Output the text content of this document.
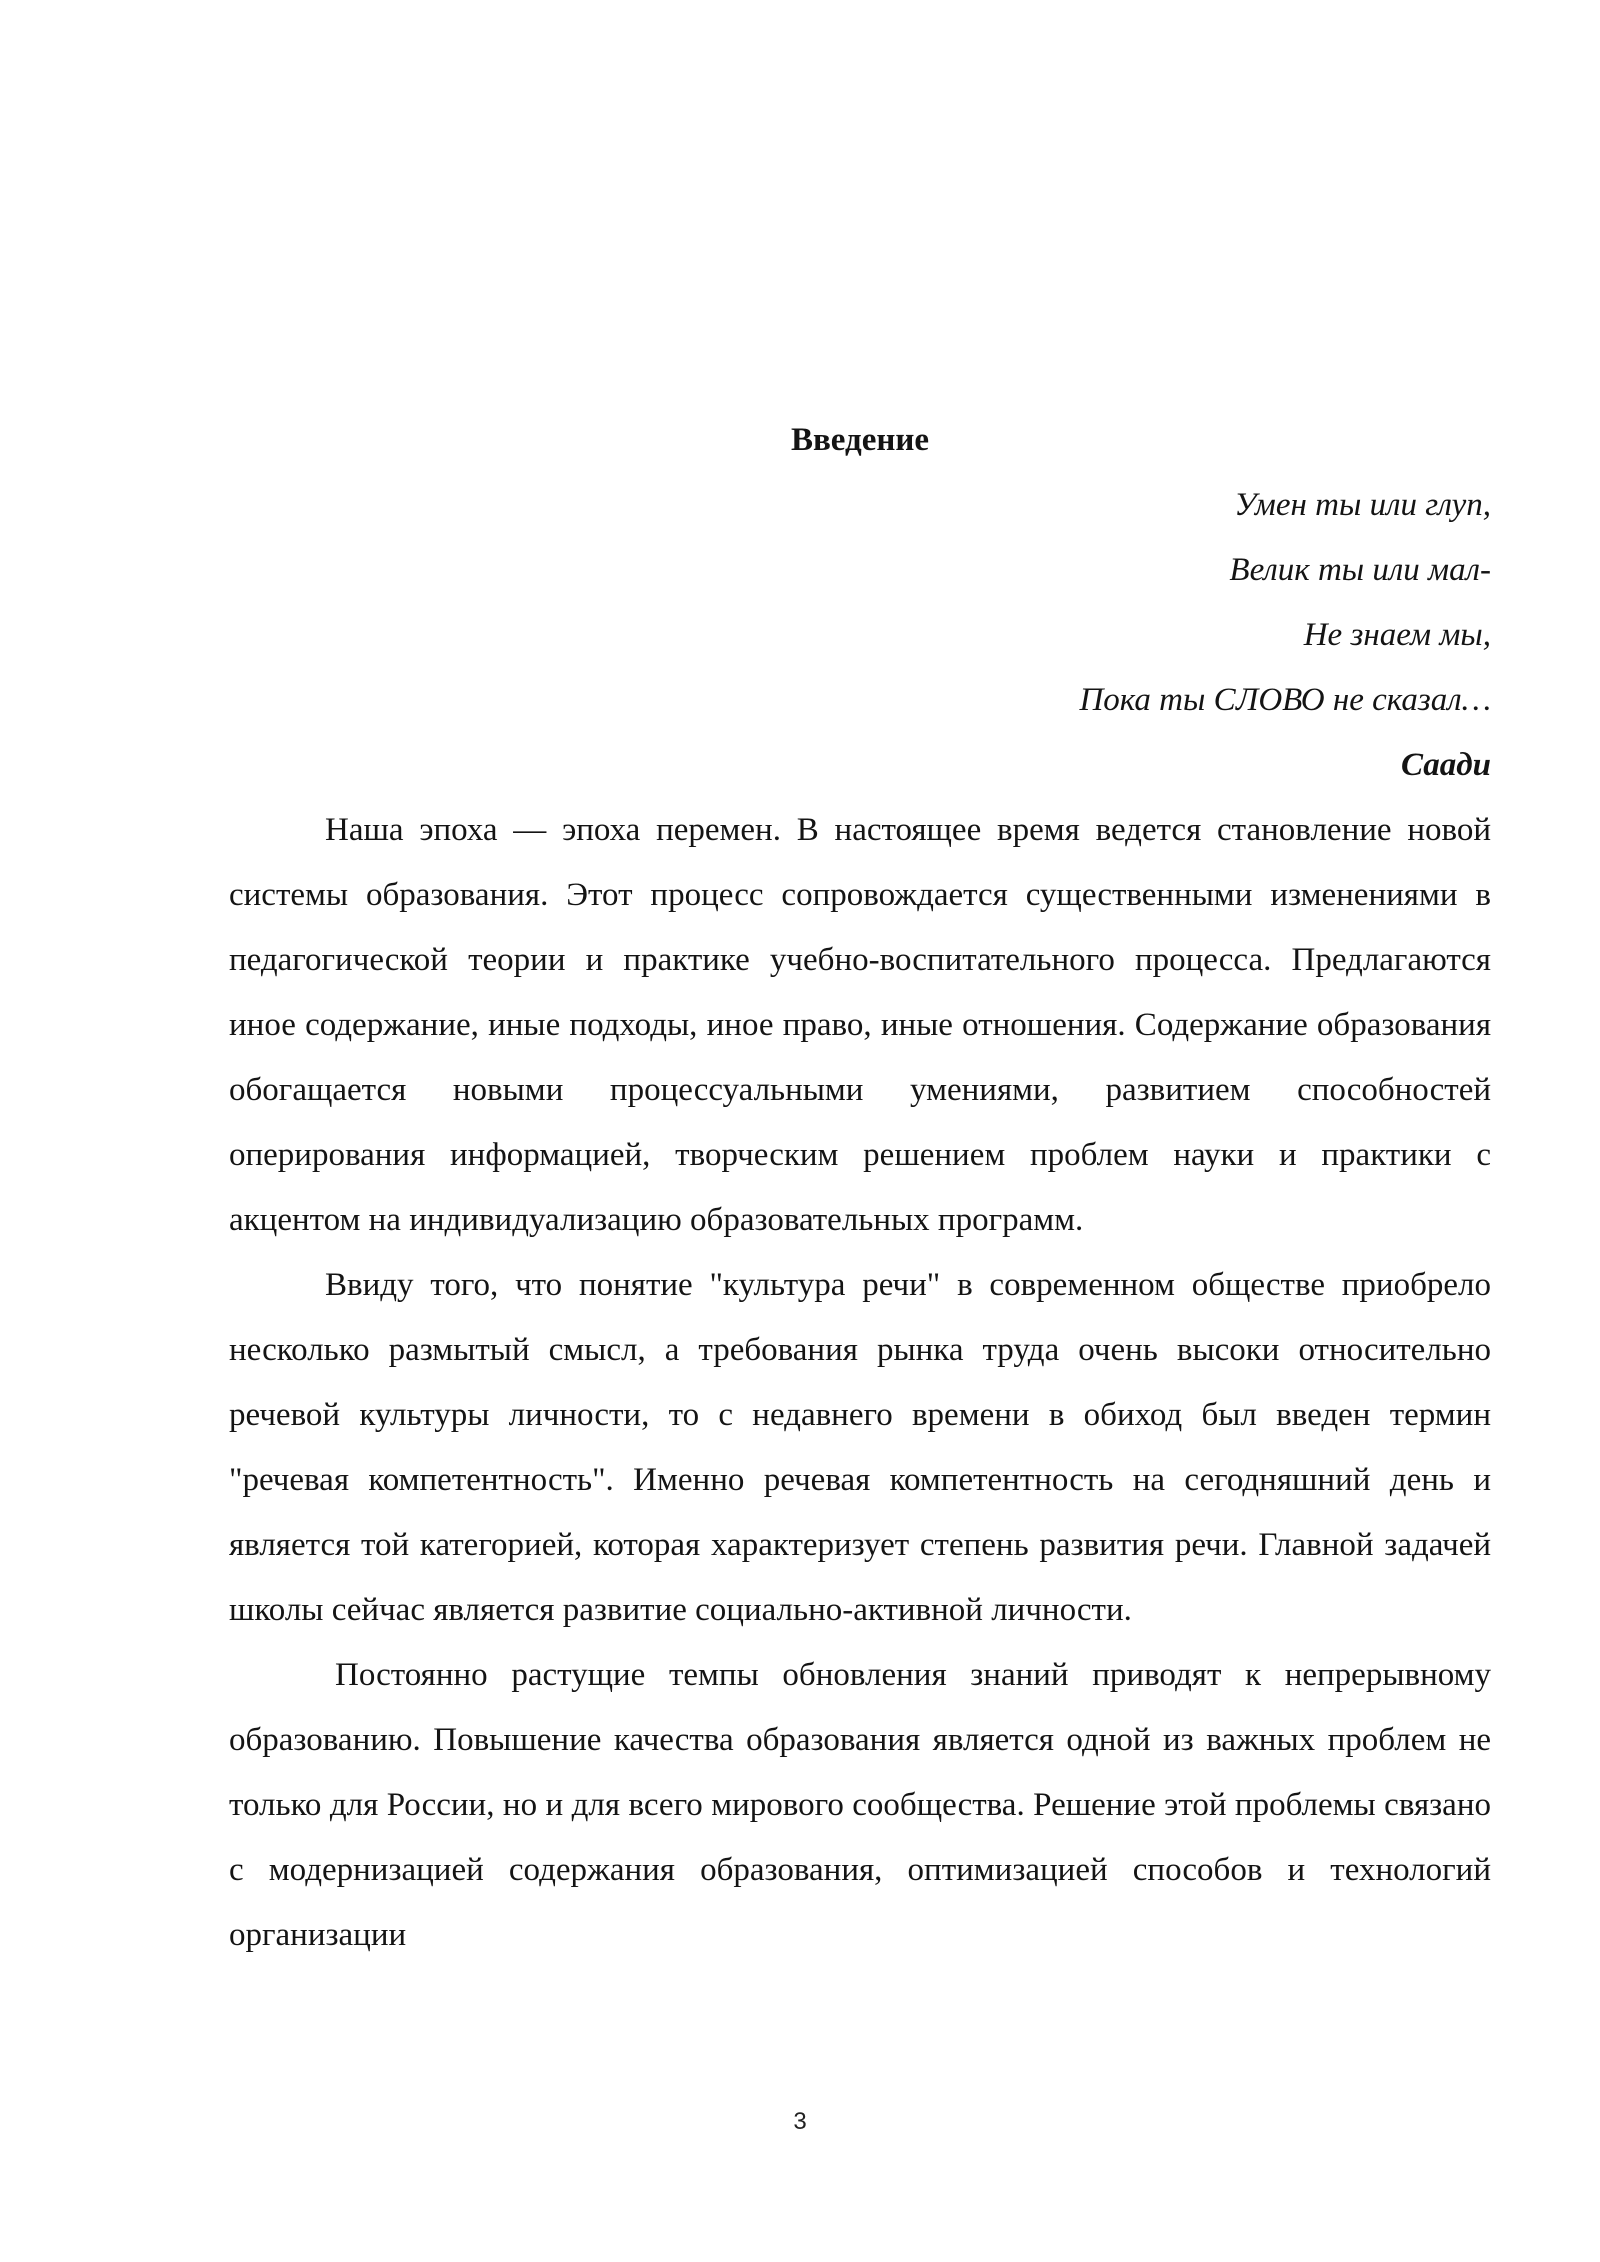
Введение
Умен ты или глуп,
Велик ты или мал-
Не знаем мы,
Пока ты СЛОВО не сказал…
Саади

Наша эпоха — эпоха перемен. В настоящее время ведется становление новой системы образования. Этот процесс сопровождается существенными изменениями в педагогической теории и практике учебно-воспитательного процесса. Предлагаются иное содержание, иные подходы, иное право, иные отношения. Содержание образования обогащается новыми процессуальными умениями, развитием способностей оперирования информацией, творческим решением проблем науки и практики с акцентом на индивидуализацию образовательных программ.

Ввиду того, что понятие "культура речи" в современном обществе приобрело несколько размытый смысл, а требования рынка труда очень высоки относительно речевой культуры личности, то с недавнего времени в обиход был введен термин "речевая компетентность". Именно речевая компетентность на сегодняшний день и является той категорией, которая характеризует степень развития речи. Главной задачей школы сейчас является развитие социально-активной личности.

Постоянно растущие темпы обновления знаний приводят к непрерывному образованию. Повышение качества образования является одной из важных проблем не только для России, но и для всего мирового сообщества. Решение этой проблемы связано с модернизацией содержания образования, оптимизацией способов и технологий организации

3
